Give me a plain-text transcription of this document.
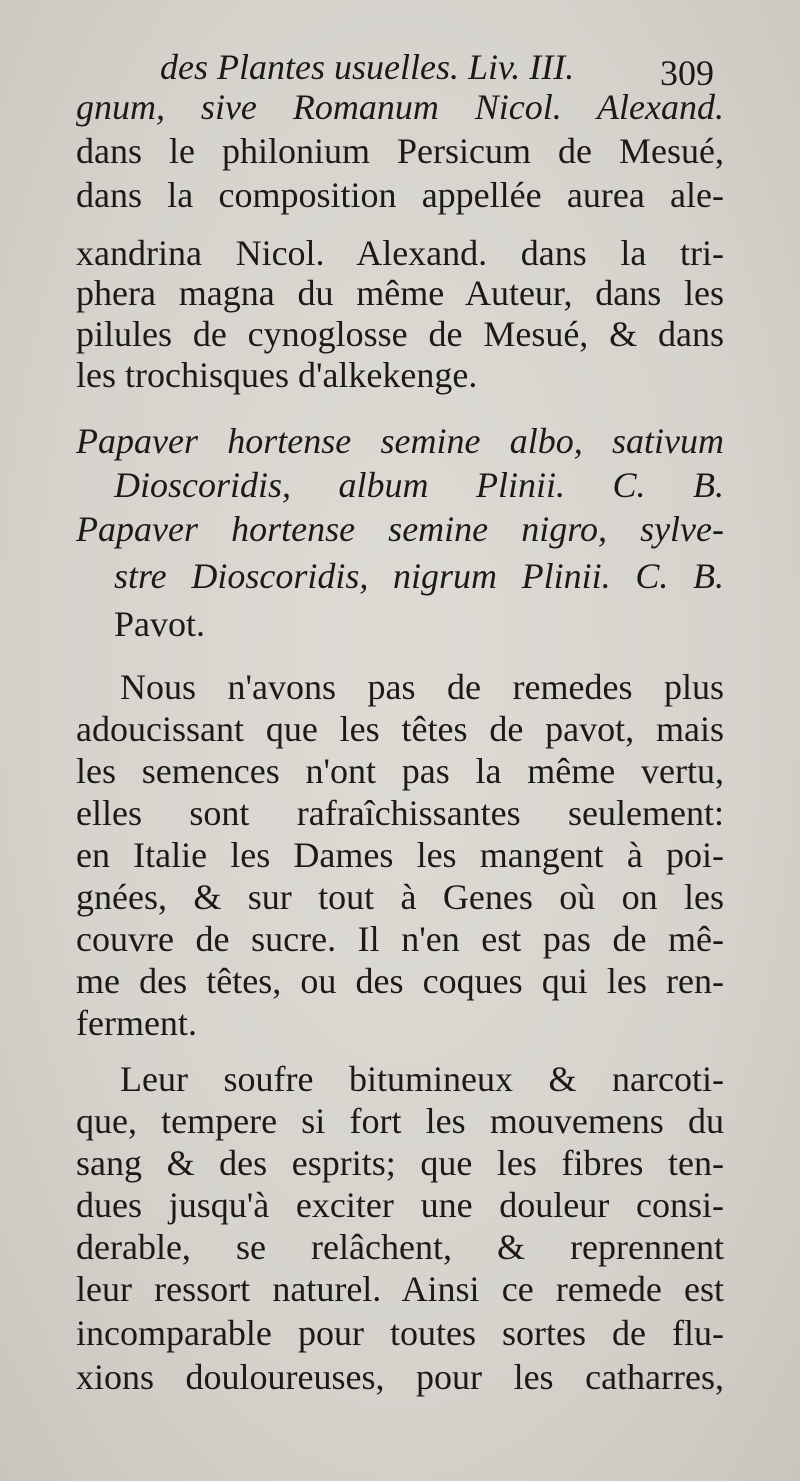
des Plantes usuelles. Liv. III. 309
gnum, sive Romanum Nicol. Alexand.
dans le philonium Persicum de Mesué,
dans la composition appellée aurea ale-
xandrina Nicol. Alexand. dans la tri-
phera magna du même Auteur, dans les
pilules de cynoglosse de Mesué, & dans
les trochisques d'alkekenge.
Papaver hortense semine albo, sativum
Dioscoridis, album Plinii. C. B.
Papaver hortense semine nigro, sylve-
stre Dioscoridis, nigrum Plinii. C. B.
Pavot.
Nous n'avons pas de remedes plus
adoucissant que les têtes de pavot, mais
les semences n'ont pas la même vertu,
elles sont rafraîchissantes seulement:
en Italie les Dames les mangent à poi-
gnées, & sur tout à Genes où on les
couvre de sucre. Il n'en est pas de mê-
me des têtes, ou des coques qui les ren-
ferment.
Leur soufre bitumineux & narcoti-
que, tempere si fort les mouvemens du
sang & des esprits; que les fibres ten-
dues jusqu'à exciter une douleur consi-
derable, se relâchent, & reprennent
leur ressort naturel. Ainsi ce remede est
incomparable pour toutes sortes de flu-
xions douloureuses, pour les catharres,
